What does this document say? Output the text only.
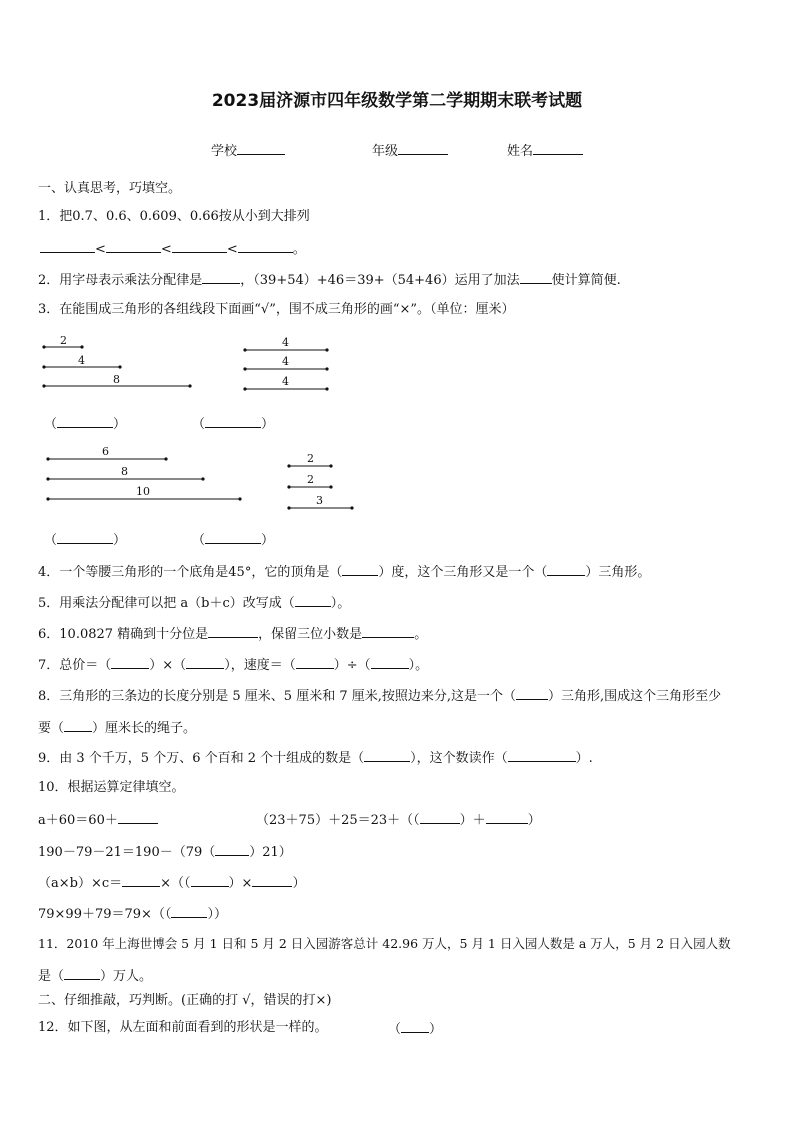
2023届济源市四年级数学第二学期期末联考试题
学校	年级	姓名
一、认真思考，巧填空。
1．把0.7、0.6、0.609、0.66按从小到大排列
<	<	<	。
2．用字母表示乘法分配律是	，（39+54）+46＝39+（54+46）运用了加法 使计算简便.
3．在能围成三角形的各组线段下面画“√”，围不成三角形的画“×”。（单位：厘米）
2
4
8
4
4
4
6
8
10
2
2
3
（	）	（	）
（	）	（	）
4．一个等腰三角形的一个底角是45°，它的顶角是（	）度，这个三角形又是一个（	）三角形。
5．用乘法分配律可以把 a（b＋c）改写成（	）。
6．10.0827 精确到十分位是	，保留三位小数是	。
7．总价＝（	）×（	），速度＝（	）÷（	）。
8．三角形的三条边的长度分别是 5 厘米、5 厘米和 7 厘米,按照边来分,这是一个（ ）三角形,围成这个三角形至少
要（ ）厘米长的绳子。
9．由 3 个千万，5 个万、6 个百和 2 个十组成的数是（	），这个数读作（	）.
10．根据运算定律填空。
a＋60＝60＋	（23＋75）＋25＝23＋（（	）＋	）
190－79－21＝190－（79（	）21）
（a×b）×c＝	×（（	）×	）
79×99＋79＝79×（（	））
11．2010 年上海世博会 5 月 1 日和 5 月 2 日入园游客总计 42.96 万人，5 月 1 日入园人数是 a 万人，5 月 2 日入园人数
是（	）万人。
二、仔细推敲，巧判断。(正确的打 √，错误的打×)
12．如下图，从左面和前面看到的形状是一样的。	（ ）
